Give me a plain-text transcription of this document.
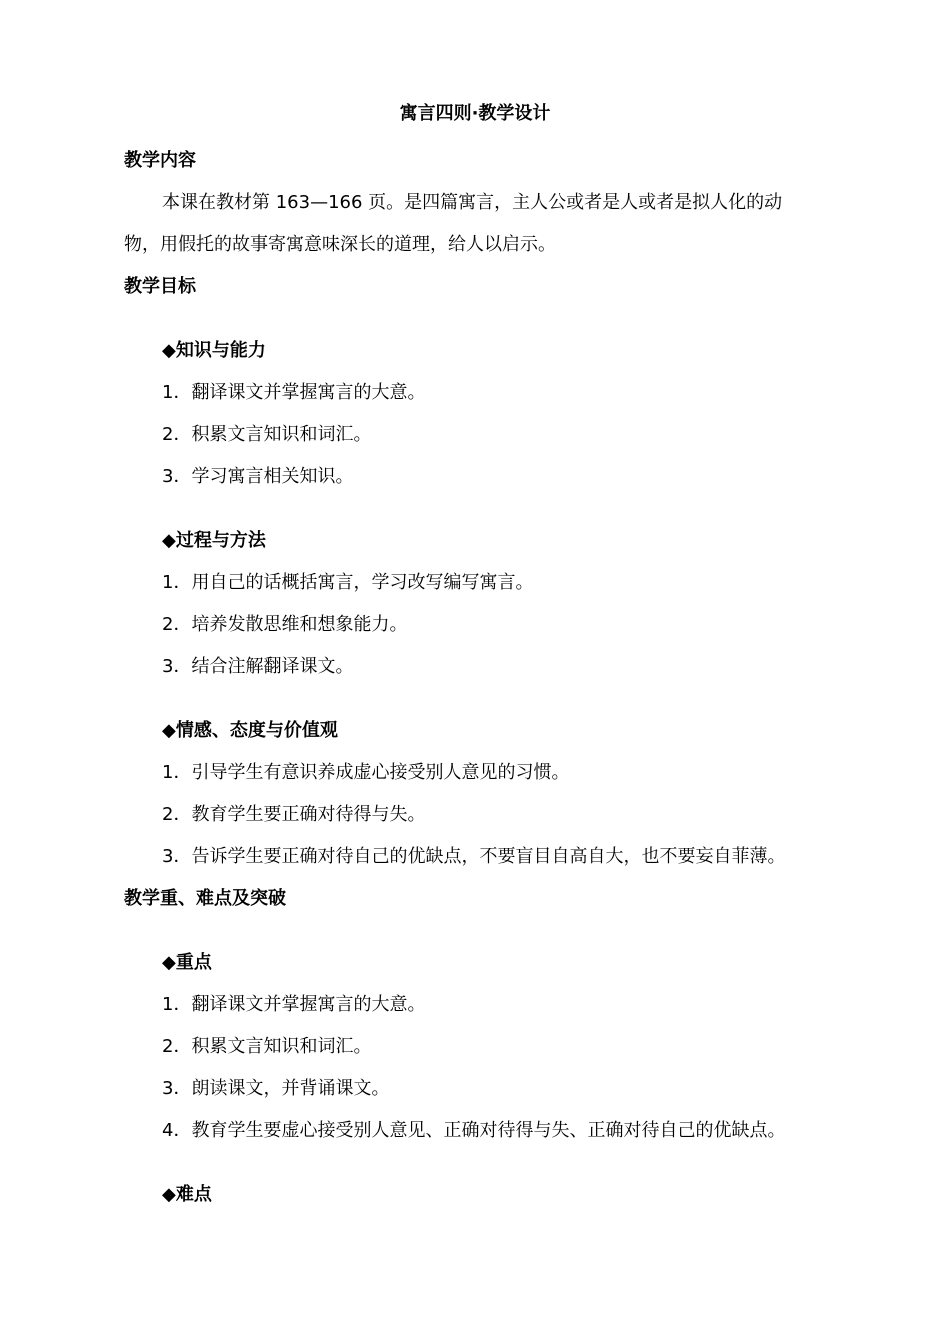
寓言四则·教学设计
教学内容
本课在教材第 163—166 页。是四篇寓言，主人公或者是人或者是拟人化的动
物，用假托的故事寄寓意味深长的道理，给人以启示。
教学目标
◆知识与能力
1．翻译课文并掌握寓言的大意。
2．积累文言知识和词汇。
3．学习寓言相关知识。
◆过程与方法
1．用自己的话概括寓言，学习改写编写寓言。
2．培养发散思维和想象能力。
3．结合注解翻译课文。
◆情感、态度与价值观
1．引导学生有意识养成虚心接受别人意见的习惯。
2．教育学生要正确对待得与失。
3．告诉学生要正确对待自己的优缺点，不要盲目自高自大，也不要妄自菲薄。
教学重、难点及突破
◆重点
1．翻译课文并掌握寓言的大意。
2．积累文言知识和词汇。
3．朗读课文，并背诵课文。
4．教育学生要虚心接受别人意见、正确对待得与失、正确对待自己的优缺点。
◆难点
